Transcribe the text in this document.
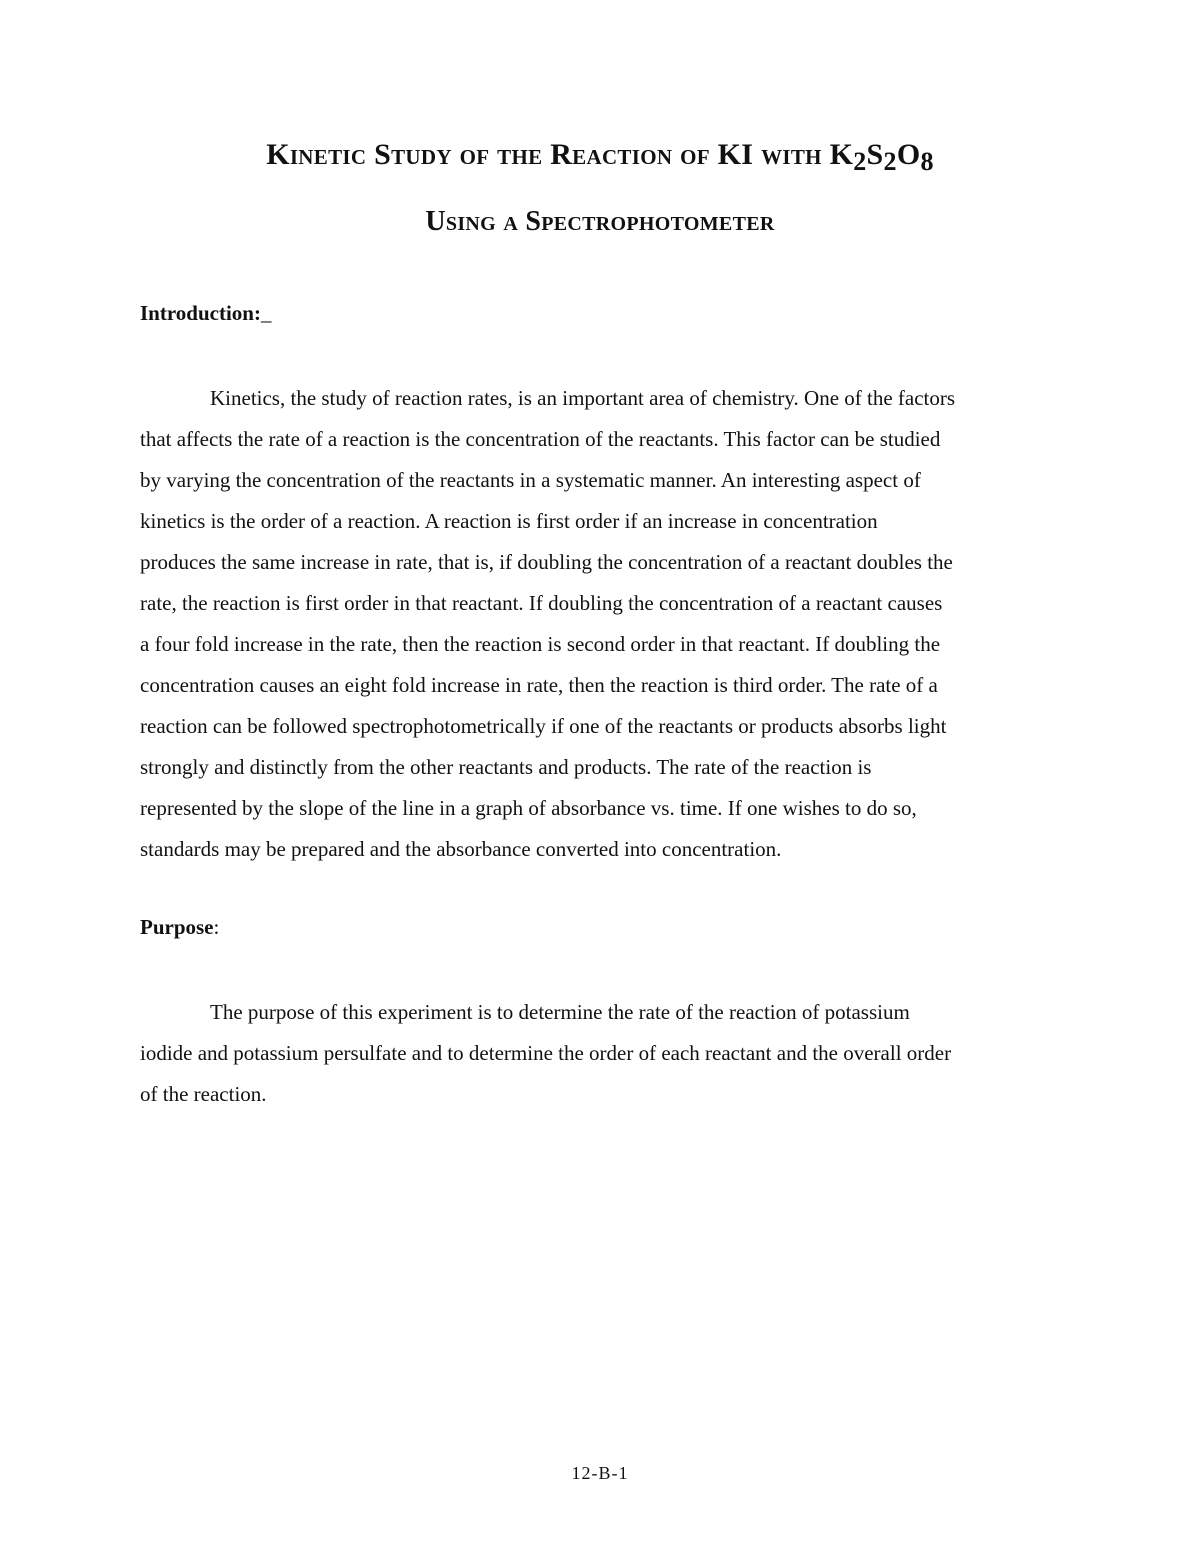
Kinetic Study of the Reaction of KI with $K_2S_2O_8$
Using a Spectrophotometer
Introduction:_
Kinetics, the study of reaction rates, is an important area of chemistry. One of the factors
that affects the rate of a reaction is the concentration of the reactants. This factor can be studied
by varying the concentration of the reactants in a systematic manner. An interesting aspect of
kinetics is the order of a reaction. A reaction is first order if an increase in concentration
produces the same increase in rate, that is, if doubling the concentration of a reactant doubles the
rate, the reaction is first order in that reactant. If doubling the concentration of a reactant causes
a four fold increase in the rate, then the reaction is second order in that reactant. If doubling the
concentration causes an eight fold increase in rate, then the reaction is third order. The rate of a
reaction can be followed spectrophotometrically if one of the reactants or products absorbs light
strongly and distinctly from the other reactants and products. The rate of the reaction is
represented by the slope of the line in a graph of absorbance vs. time. If one wishes to do so,
standards may be prepared and the absorbance converted into concentration.
Purpose:
The purpose of this experiment is to determine the rate of the reaction of potassium
iodide and potassium persulfate and to determine the order of each reactant and the overall order
of the reaction.
12-B-1
